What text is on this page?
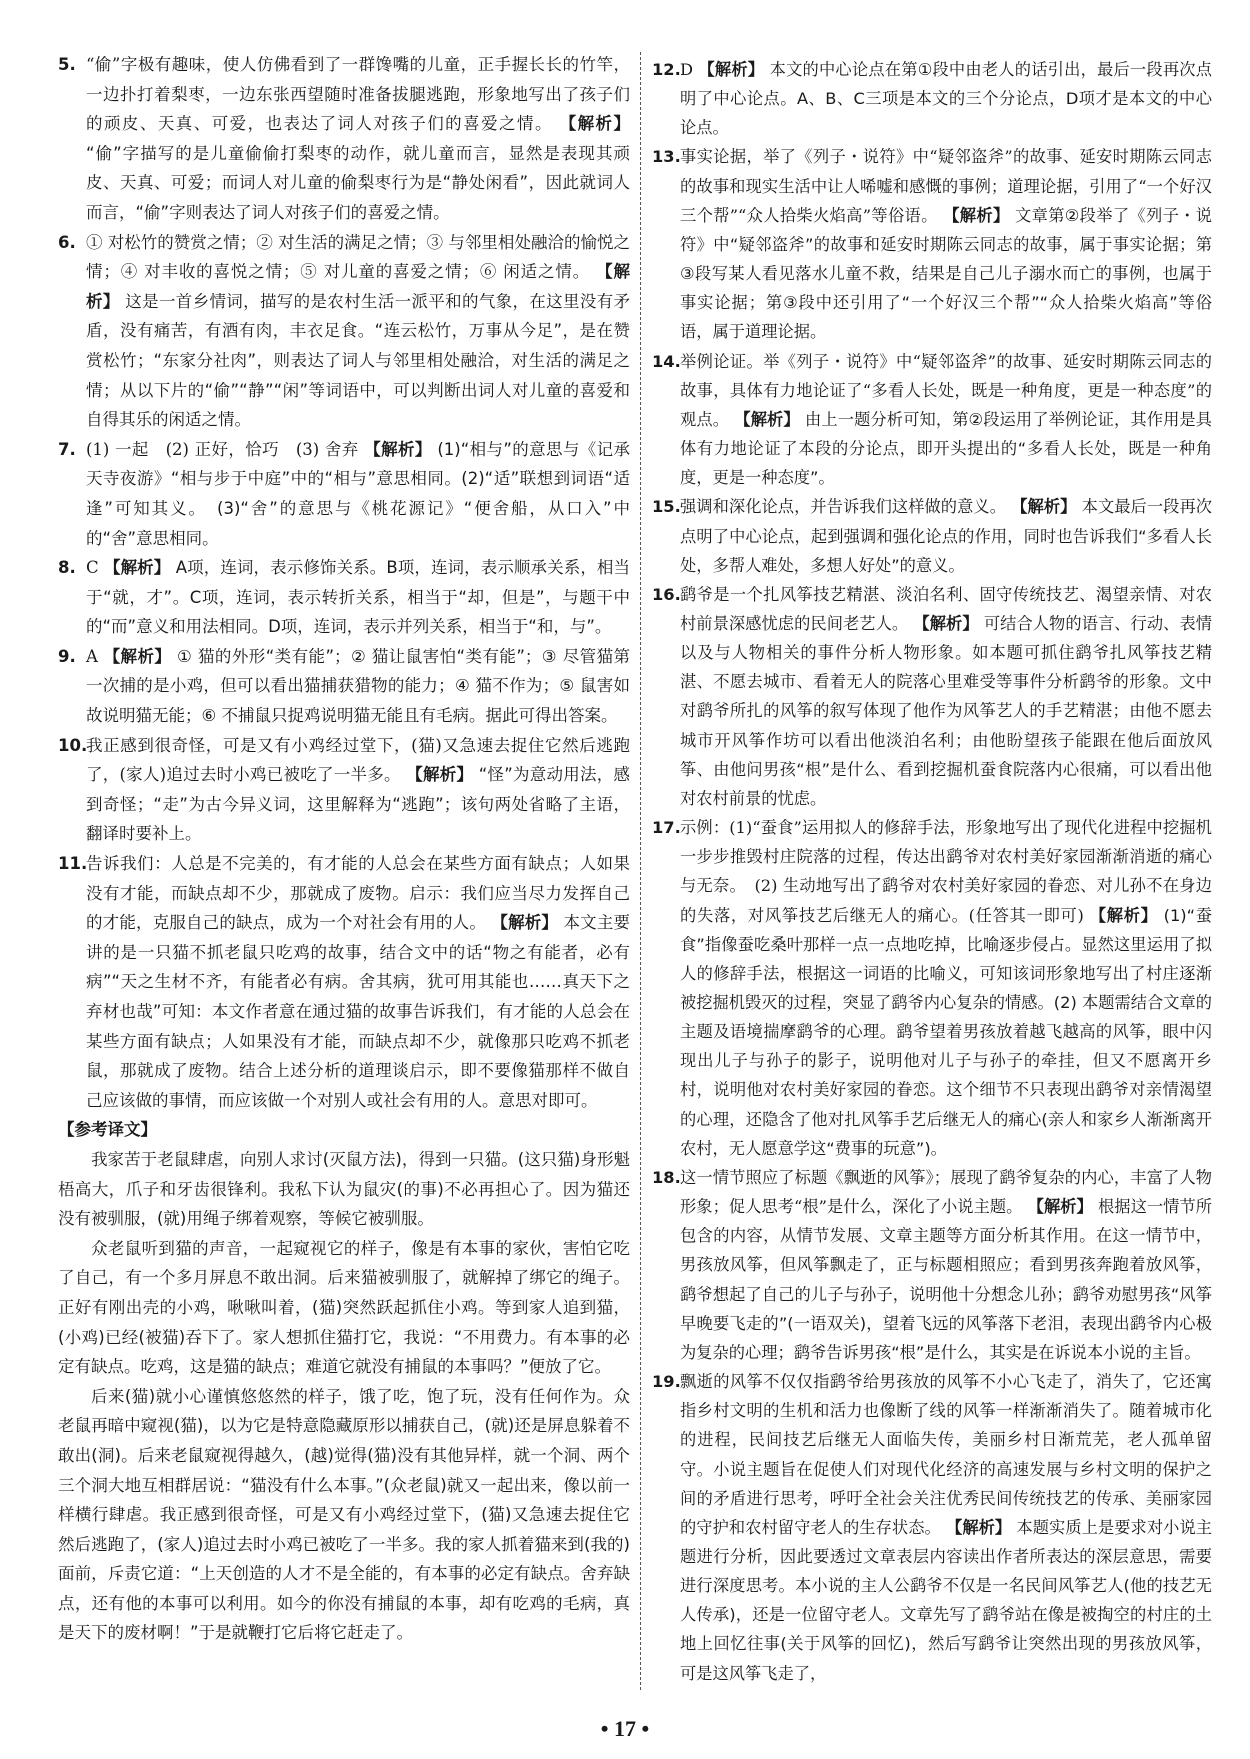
5. “偷”字极有趣味，使人仿佛看到了一群馋嘴的儿童，正手握长长的竹竿，一边扑打着梨枣，一边东张西望随时准备拔腿逃跑，形象地写出了孩子们的顽皮、天真、可爱，也表达了词人对孩子们的喜爱之情。 【解析】 “偷”字描写的是儿童偷偷打梨枣的动作，就儿童而言，显然是表现其顽皮、天真、可爱；而词人对儿童的偷梨枣行为是“静处闲看”，因此就词人而言，“偷”字则表达了词人对孩子们的喜爱之情。
6. ① 对松竹的赞赏之情；② 对生活的满足之情；③ 与邻里相处融洽的愉悦之情；④ 对丰收的喜悦之情；⑤ 对儿童的喜爱之情；⑥ 闲适之情。 【解析】 这是一首乡情词，描写的是农村生活一派平和的气象，在这里没有矛盾，没有痛苦，有酒有肉，丰衣足食。“连云松竹，万事从今足”，是在赞赏松竹；“东家分社肉”，则表达了词人与邻里相处融洽，对生活的满足之情；从以下片的“偷”“静”“闲”等词语中，可以判断出词人对儿童的喜爱和自得其乐的闲适之情。
7. (1) 一起　(2) 正好，恰巧　(3) 舍弃 【解析】 (1)“相与”的意思与《记承天寺夜游》“相与步于中庭”中的“相与”意思相同。(2)“适”联想到词语“适逢”可知其义。　(3)“舍”的意思与《桃花源记》“便舍船，从口入”中的“舍”意思相同。
8. C 【解析】 A项，连词，表示修饰关系。B项，连词，表示顺承关系，相当于“就，才”。C项，连词，表示转折关系，相当于“却，但是”，与题干中的“而”意义和用法相同。D项，连词，表示并列关系，相当于“和，与”。
9. A 【解析】 ① 猫的外形“类有能”；② 猫让鼠害怕“类有能”；③ 尽管猫第一次捕的是小鸡，但可以看出猫捕获猎物的能力；④ 猫不作为；⑤ 鼠害如故说明猫无能；⑥ 不捕鼠只捉鸡说明猫无能且有毛病。据此可得出答案。
10.
我正感到很奇怪，可是又有小鸡经过堂下，(猫)又急速去捉住它然后逃跑了，(家人)追过去时小鸡已被吃了一半多。 【解析】 “怪”为意动用法，感到奇怪；“走”为古今异义词，这里解释为“逃跑”；该句两处省略了主语，翻译时要补上。
11.
告诉我们：人总是不完美的，有才能的人总会在某些方面有缺点；人如果没有才能，而缺点却不少，那就成了废物。启示：我们应当尽力发挥自己的才能，克服自己的缺点，成为一个对社会有用的人。 【解析】 本文主要讲的是一只猫不抓老鼠只吃鸡的故事，结合文中的话“物之有能者，必有病”“天之生材不齐，有能者必有病。舍其病，犹可用其能也……真天下之弃材也哉”可知：本文作者意在通过猫的故事告诉我们，有才能的人总会在某些方面有缺点；人如果没有才能，而缺点却不少，就像那只吃鸡不抓老鼠，那就成了废物。结合上述分析的道理谈启示，即不要像猫那样不做自己应该做的事情，而应该做一个对别人或社会有用的人。意思对即可。

【参考译文】

我家苦于老鼠肆虐，向别人求讨(灭鼠方法)，得到一只猫。(这只猫)身形魁梧高大，爪子和牙齿很锋利。我私下认为鼠灾(的事)不必再担心了。因为猫还没有被驯服，(就)用绳子绑着观察，等候它被驯服。

众老鼠听到猫的声音，一起窥视它的样子，像是有本事的家伙，害怕它吃了自己，有一个多月屏息不敢出洞。后来猫被驯服了，就解掉了绑它的绳子。正好有刚出壳的小鸡，啾啾叫着，(猫)突然跃起抓住小鸡。等到家人追到猫，(小鸡)已经(被猫)吞下了。家人想抓住猫打它，我说：“不用费力。有本事的必定有缺点。吃鸡，这是猫的缺点；难道它就没有捕鼠的本事吗？”便放了它。

后来(猫)就小心谨慎悠悠然的样子，饿了吃，饱了玩，没有任何作为。众老鼠再暗中窥视(猫)，以为它是特意隐藏原形以捕获自己，(就)还是屏息躲着不敢出(洞)。后来老鼠窥视得越久，(越)觉得(猫)没有其他异样，就一个洞、两个三个洞大地互相群居说：“猫没有什么本事。”(众老鼠)就又一起出来，像以前一样横行肆虐。我正感到很奇怪，可是又有小鸡经过堂下，(猫)又急速去捉住它然后逃跑了，(家人)追过去时小鸡已被吃了一半多。我的家人抓着猫来到(我的)面前，斥责它道：“上天创造的人才不是全能的，有本事的必定有缺点。舍弃缺点，还有他的本事可以利用。如今的你没有捕鼠的本事，却有吃鸡的毛病，真是天下的废材啊！”于是就鞭打它后将它赶走了。

12. D 【解析】 本文的中心论点在第①段中由老人的话引出，最后一段再次点明了中心论点。A、B、C三项是本文的三个分论点，D项才是本文的中心论点。
13. 事实论据，举了《列子・说符》中“疑邻盗斧”的故事、延安时期陈云同志的故事和现实生活中让人唏嘘和感慨的事例；道理论据，引用了“一个好汉三个帮”“众人拾柴火焰高”等俗语。 【解析】 文章第②段举了《列子・说符》中“疑邻盗斧”的故事和延安时期陈云同志的故事，属于事实论据；第③段写某人看见落水儿童不救，结果是自己儿子溺水而亡的事例，也属于事实论据；第③段中还引用了“一个好汉三个帮”“众人拾柴火焰高”等俗语，属于道理论据。
14. 举例论证。举《列子・说符》中“疑邻盗斧”的故事、延安时期陈云同志的故事，具体有力地论证了“多看人长处，既是一种角度，更是一种态度”的观点。 【解析】 由上一题分析可知，第②段运用了举例论证，其作用是具体有力地论证了本段的分论点，即开头提出的“多看人长处，既是一种角度，更是一种态度”。
15. 强调和深化论点，并告诉我们这样做的意义。 【解析】 本文最后一段再次点明了中心论点，起到强调和强化论点的作用，同时也告诉我们“多看人长处，多帮人难处，多想人好处”的意义。
16. 鹞爷是一个扎风筝技艺精湛、淡泊名利、固守传统技艺、渴望亲情、对农村前景深感忧虑的民间老艺人。 【解析】 可结合人物的语言、行动、表情以及与人物相关的事件分析人物形象。如本题可抓住鹞爷扎风筝技艺精湛、不愿去城市、看着无人的院落心里难受等事件分析鹞爷的形象。文中对鹞爷所扎的风筝的叙写体现了他作为风筝艺人的手艺精湛；由他不愿去城市开风筝作坊可以看出他淡泊名利；由他盼望孩子能跟在他后面放风筝、由他问男孩“根”是什么、看到挖掘机蚕食院落内心很痛，可以看出他对农村前景的忧虑。
17. 示例：(1)“蚕食”运用拟人的修辞手法，形象地写出了现代化进程中挖掘机一步步推毁村庄院落的过程，传达出鹞爷对农村美好家园渐渐消逝的痛心与无奈。　(2) 生动地写出了鹞爷对农村美好家园的眷恋、对儿孙不在身边的失落，对风筝技艺后继无人的痛心。(任答其一即可) 【解析】 (1)“蚕食”指像蚕吃桑叶那样一点一点地吃掉，比喻逐步侵占。显然这里运用了拟人的修辞手法，根据这一词语的比喻义，可知该词形象地写出了村庄逐渐被挖掘机毁灭的过程，突显了鹞爷内心复杂的情感。(2) 本题需结合文章的主题及语境揣摩鹞爷的心理。鹞爷望着男孩放着越飞越高的风筝，眼中闪现出儿子与孙子的影子，说明他对儿子与孙子的牵挂，但又不愿离开乡村，说明他对农村美好家园的眷恋。这个细节不只表现出鹞爷对亲情渴望的心理，还隐含了他对扎风筝手艺后继无人的痛心(亲人和家乡人渐渐离开农村，无人愿意学这“费事的玩意”)。
18. 这一情节照应了标题《飘逝的风筝》；展现了鹞爷复杂的内心，丰富了人物形象；促人思考“根”是什么，深化了小说主题。 【解析】 根据这一情节所包含的内容，从情节发展、文章主题等方面分析其作用。在这一情节中，男孩放风筝，但风筝飘走了，正与标题相照应；看到男孩奔跑着放风筝，鹞爷想起了自己的儿子与孙子，说明他十分想念儿孙；鹞爷劝慰男孩“风筝早晚要飞走的”(一语双关)，望着飞远的风筝落下老泪，表现出鹞爷内心极为复杂的心理；鹞爷告诉男孩“根”是什么，其实是在诉说本小说的主旨。
19. 飘逝的风筝不仅仅指鹞爷给男孩放的风筝不小心飞走了，消失了，它还寓指乡村文明的生机和活力也像断了线的风筝一样渐渐消失了。随着城市化的进程，民间技艺后继无人面临失传，美丽乡村日渐荒芜，老人孤单留守。小说主题旨在促使人们对现代化经济的高速发展与乡村文明的保护之间的矛盾进行思考，呼吁全社会关注优秀民间传统技艺的传承、美丽家园的守护和农村留守老人的生存状态。 【解析】 本题实质上是要求对小说主题进行分析，因此要透过文章表层内容读出作者所表达的深层意思，需要进行深度思考。本小说的主人公鹞爷不仅是一名民间风筝艺人(他的技艺无人传承)，还是一位留守老人。文章先写了鹞爷站在像是被掏空的村庄的土地上回忆往事(关于风筝的回忆)，然后写鹞爷让突然出现的男孩放风筝，可是这风筝飞走了，
• 17 •
